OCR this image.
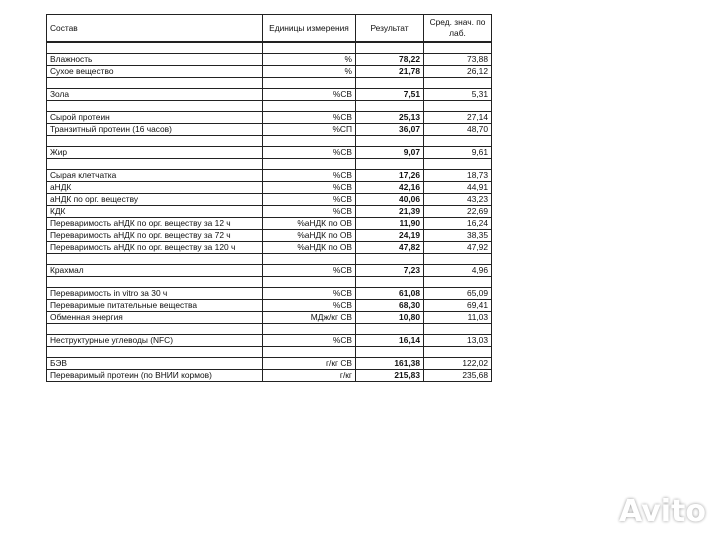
Состав	Единицы измерения	Результат	Сред. знач. по лаб.

Влажность	%	78,22	73,88
Сухое вещество	%	21,78	26,12

Зола	%СВ	7,51	5,31

Сырой протеин	%СВ	25,13	27,14
Транзитный протеин (16 часов)	%СП	36,07	48,70

Жир	%СВ	9,07	9,61

Сырая клетчатка	%СВ	17,26	18,73
аНДК	%СВ	42,16	44,91
аНДК по орг. веществу	%СВ	40,06	43,23
КДК	%СВ	21,39	22,69
Переваримость аНДК по орг. веществу за 12 ч	%аНДК по ОВ	11,90	16,24
Переваримость аНДК по орг. веществу за 72 ч	%аНДК по ОВ	24,19	38,35
Переваримость аНДК по орг. веществу за 120 ч	%аНДК по ОВ	47,82	47,92

Крахмал	%СВ	7,23	4,96

Переваримость in vitro за 30 ч	%СВ	61,08	65,09
Переваримые питательные вещества	%СВ	68,30	69,41
Обменная энергия	МДж/кг СВ	10,80	11,03

Неструктурные углеводы (NFC)	%СВ	16,14	13,03

БЭВ	г/кг СВ	161,38	122,02
Переваримый протеин (по ВНИИ кормов)	г/кг	215,83	235,68
Avito
